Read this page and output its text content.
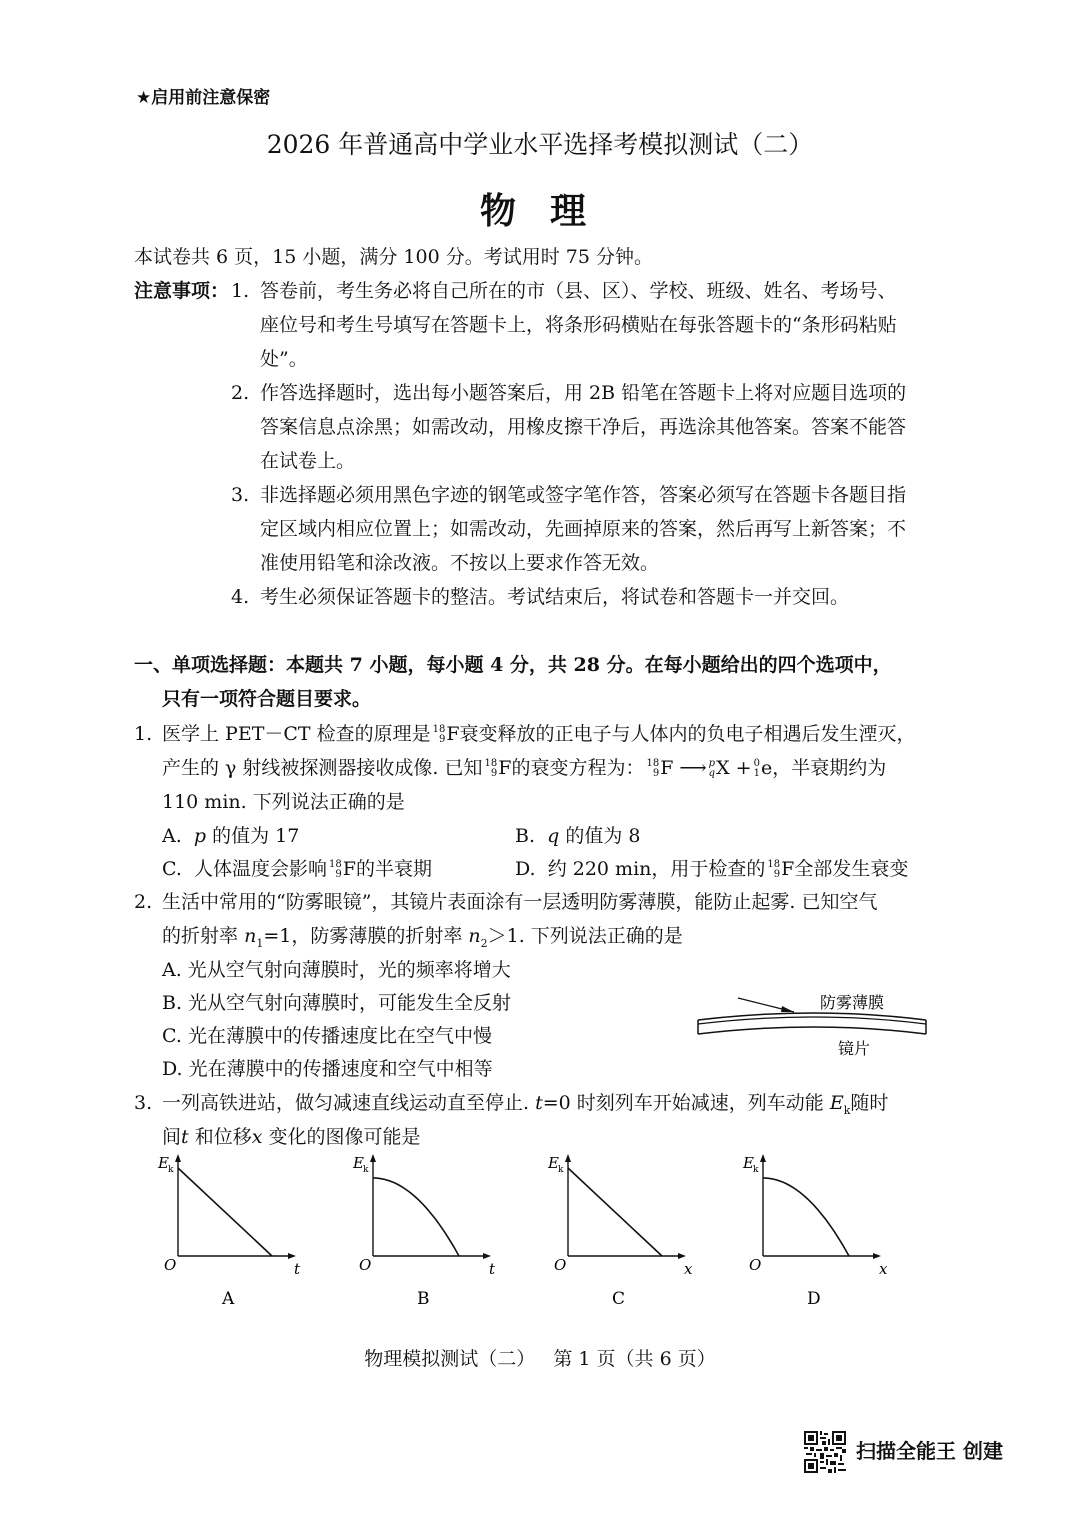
★启用前注意保密
2026 年普通高中学业水平选择考模拟测试（二）
物理
本试卷共 6 页，15 小题，满分 100 分。考试用时 75 分钟。
注意事项： 1. 答卷前，考生务必将自己所在的市（县、区）、学校、班级、姓名、考场号、
座位号和考生号填写在答题卡上，将条形码横贴在每张答题卡的“条形码粘贴
处”。
2. 作答选择题时，选出每小题答案后，用 2B 铅笔在答题卡上将对应题目选项的
答案信息点涂黑；如需改动，用橡皮擦干净后，再选涂其他答案。答案不能答
在试卷上。
3. 非选择题必须用黑色字迹的钢笔或签字笔作答，答案必须写在答题卡各题目指
定区域内相应位置上；如需改动，先画掉原来的答案，然后再写上新答案；不
准使用铅笔和涂改液。不按以上要求作答无效。
4. 考生必须保证答题卡的整洁。考试结束后，将试卷和答题卡一并交回。
一、单项选择题：本题共 7 小题，每小题 4 分，共 28 分。在每小题给出的四个选项中，
只有一项符合题目要求。
1. 医学上 PET－CT 检查的原理是 18
9 F衰变释放的正电子与人体内的负电子相遇后发生湮灭，
产生的 γ 射线被探测器接收成像. 已知 18
9 F的衰变方程为： 18
9 F ⟶ p
q X + 0
1 e，半衰期约为
110 min. 下列说法正确的是
A. p 的值为 17	B. q 的值为 8
C. 人体温度会影响 18
9 F的半衰期	D. 约 220 min，用于检查的 18
9 F全部发生衰变
2. 生活中常用的“防雾眼镜”，其镜片表面涂有一层透明防雾薄膜，能防止起雾. 已知空气
的折射率 $n_1=1$，防雾薄膜的折射率 $n_2>1$. 下列说法正确的是
A. 光从空气射向薄膜时，光的频率将增大
B. 光从空气射向薄膜时，可能发生全反射
C. 光在薄膜中的传播速度比在空气中慢
D. 光在薄膜中的传播速度和空气中相等
防雾薄膜
镜片
3. 一列高铁进站，做匀减速直线运动直至停止. t=0 时刻列车开始减速，列车动能 $E_k$随时
间t 和位移x 变化的图像可能是
O	t
E k
A
O	t
E k
B
O	x
E k
C
O	x
E k
D
物理模拟测试（二）   第 1 页（共 6 页）
扫描全能王 创建
